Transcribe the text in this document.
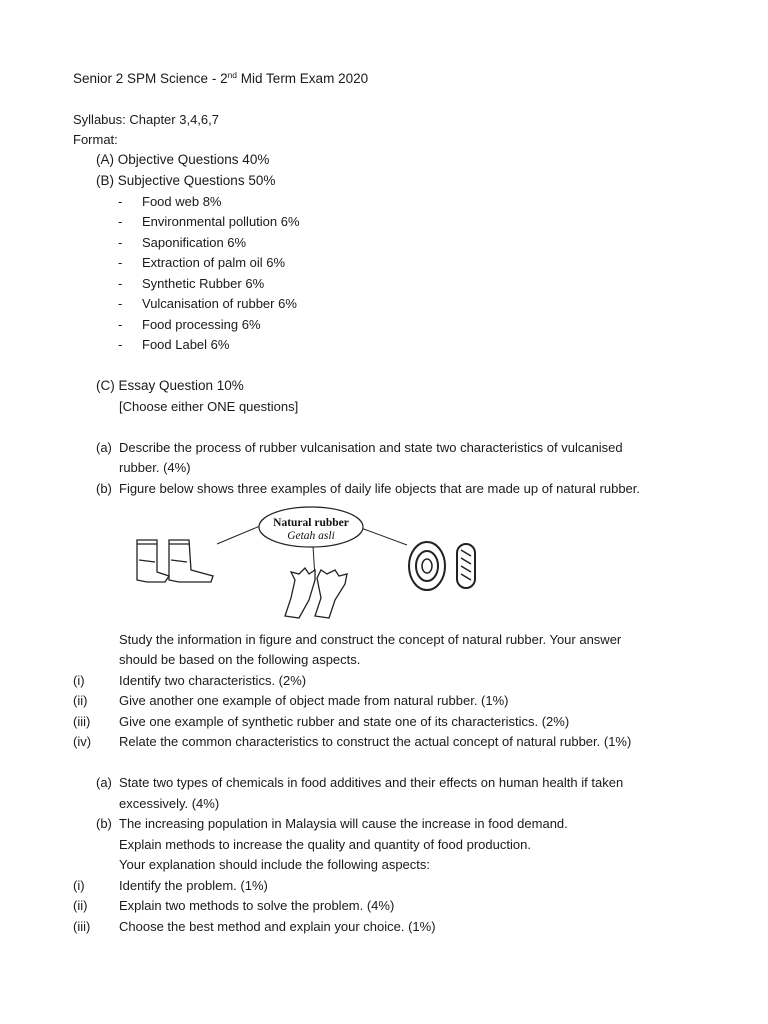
Senior 2 SPM Science - 2nd Mid Term Exam 2020
Syllabus: Chapter 3,4,6,7
Format:
(A) Objective Questions 40%
(B) Subjective Questions 50%
- Food web 8%
- Environmental pollution 6%
- Saponification 6%
- Extraction of palm oil 6%
- Synthetic Rubber 6%
- Vulcanisation of rubber 6%
- Food processing 6%
- Food Label 6%
(C) Essay Question 10%
[Choose either ONE questions]
(a) Describe the process of rubber vulcanisation and state two characteristics of vulcanised
rubber. (4%)
(b) Figure below shows three examples of daily life objects that are made up of natural rubber.
Natural rubber
Getah asli
Study the information in figure and construct the concept of natural rubber. Your answer
should be based on the following aspects.
(i)	Identify two characteristics. (2%)
(ii) Give another one example of object made from natural rubber. (1%)
(iii) Give one example of synthetic rubber and state one of its characteristics. (2%)
(iv) Relate the common characteristics to construct the actual concept of natural rubber. (1%)
(a) State two types of chemicals in food additives and their effects on human health if taken
excessively. (4%)
(b) The increasing population in Malaysia will cause the increase in food demand.
Explain methods to increase the quality and quantity of food production.
Your explanation should include the following aspects:
(i)	Identify the problem. (1%)
(ii) Explain two methods to solve the problem. (4%)
(iii) Choose the best method and explain your choice. (1%)
